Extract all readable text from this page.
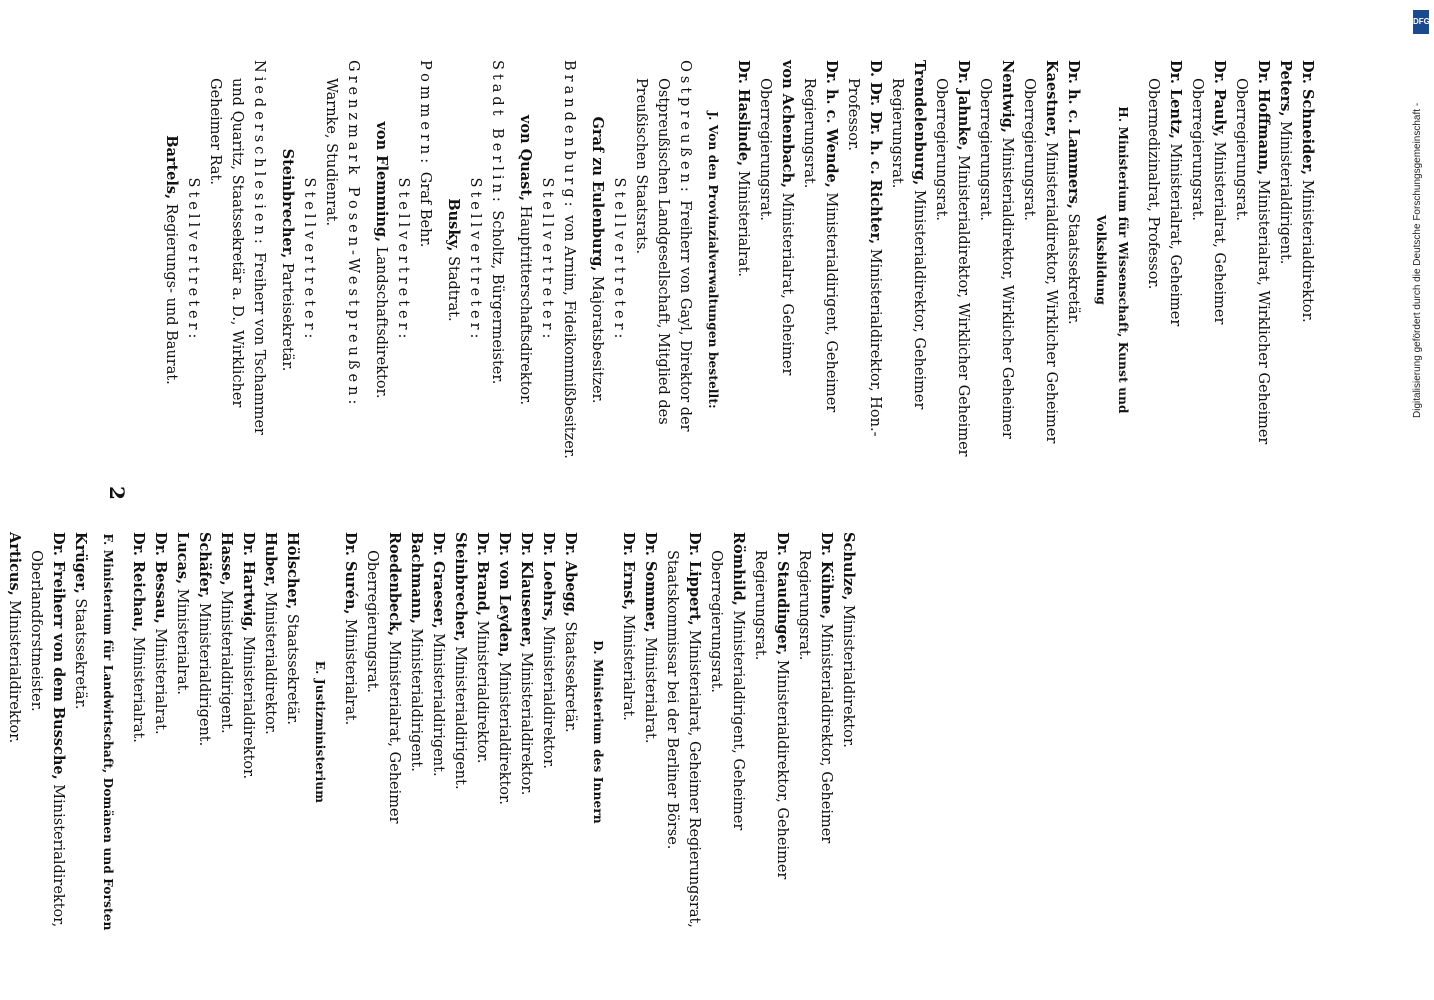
2
Schulze, Ministerialdirektor.
Dr. Kühne, Ministerialdirektor, Geheimer Regierungsrat.
Dr. Staudinger, Ministerialdirektor, Geheimer Regierungsrat.
Römhild, Ministerialdirigent, Geheimer Oberregierungsrat.
Dr. Lippert, Ministerialrat, Geheimer Regierungsrat, Staatskommissar bei der Berliner Börse.
Dr. Sommer, Ministerialrat.
Dr. Ernst, Ministerialrat.
D. Ministerium des Innern
Dr. Abegg, Staatssekretär.
Dr. Loehrs, Ministerialdirektor.
Dr. Klausener, Ministerialdirektor.
Dr. von Leyden, Ministerialdirektor.
Dr. Brand, Ministerialdirektor.
Steinbrecher, Ministerialdirigent.
Dr. Graeser, Ministerialdirigent.
Bachmann, Ministerialdirigent.
Roedenbeck, Ministerialrat, Geheimer Oberregierungsrat.
Dr. Surén, Ministerialrat.
E. Justizministerium
Hölscher, Staatssekretär.
Huber, Ministerialdirektor.
Dr. Hartwig, Ministerialdirektor.
Hasse, Ministerialdirigent.
Schäfer, Ministerialdirigent.
Lucas, Ministerialrat.
Dr. Bessau, Ministerialrat.
Dr. Reichau, Ministerialrat.
F. Ministerium für Landwirtschaft, Domänen und Forsten
Krüger, Staatssekretär.
Dr. Freiherr von dem Bussche, Ministerialdirektor, Oberlandforstmeister.
Articus, Ministerialdirektor.
Dr. Schneider, Ministerialdirektor.
Peters, Ministerialdirigent.
Dr. Hoffmann, Ministerialrat, Wirklicher Geheimer Oberregierungsrat.
Dr. Pauly, Ministerialrat, Geheimer Oberregierungsrat.
Dr. Lentz, Ministerialrat, Geheimer Obermedizinalrat, Professor.
H. Ministerium für Wissenschaft, Kunst und Volksbildung
Dr. h. c. Lammers, Staatssekretär.
Kaestner, Ministerialdirektor, Wirklicher Geheimer Oberregierungsrat.
Nentwig, Ministerialdirektor, Wirklicher Geheimer Oberregierungsrat.
Dr. Jahnke, Ministerialdirektor, Wirklicher Geheimer Oberregierungsrat.
Trendelenburg, Ministerialdirektor, Geheimer Regierungsrat.
D. Dr. Dr. h. c. Richter, Ministerialdirektor, Hon.-Professor.
Dr. h. c. Wende, Ministerialdirigent, Geheimer Regierungsrat.
von Achenbach, Ministerialrat, Geheimer Oberregierungsrat.
Dr. Haslinde, Ministerialrat.
J. Von den Provinzialverwaltungen bestellt:
Ostpreußen: Freiherr von Gayl, Direktor der Ostpreußischen Landgesellschaft, Mitglied des Preußischen Staatsrats.
Stellvertreter:
Graf zu Eulenburg, Majoratsbesitzer.
Brandenburg: von Arnim, Fideikommißbesitzer.
Stellvertreter:
von Quast, Hauptritterschaftsdirektor.
Stadt Berlin: Scholtz, Bürgermeister.
Stellvertreter:
Busky, Stadtrat.
Pommern: Graf Behr.
Stellvertreter:
von Flemming, Landschaftsdirektor.
Grenzmark Posen-Westpreußen: Warnke, Studienrat.
Stellvertreter:
Steinbrecher, Parteisekretär.
Niederschlesien: Freiherr von Tschammer und Quaritz, Staatssekretär a. D., Wirklicher Geheimer Rat.
Stellvertreter:
Bartels, Regierungs- und Baurat.
DFG
Digitalisierung gefördert durch die Deutsche Forschungsgemeinschaft -
